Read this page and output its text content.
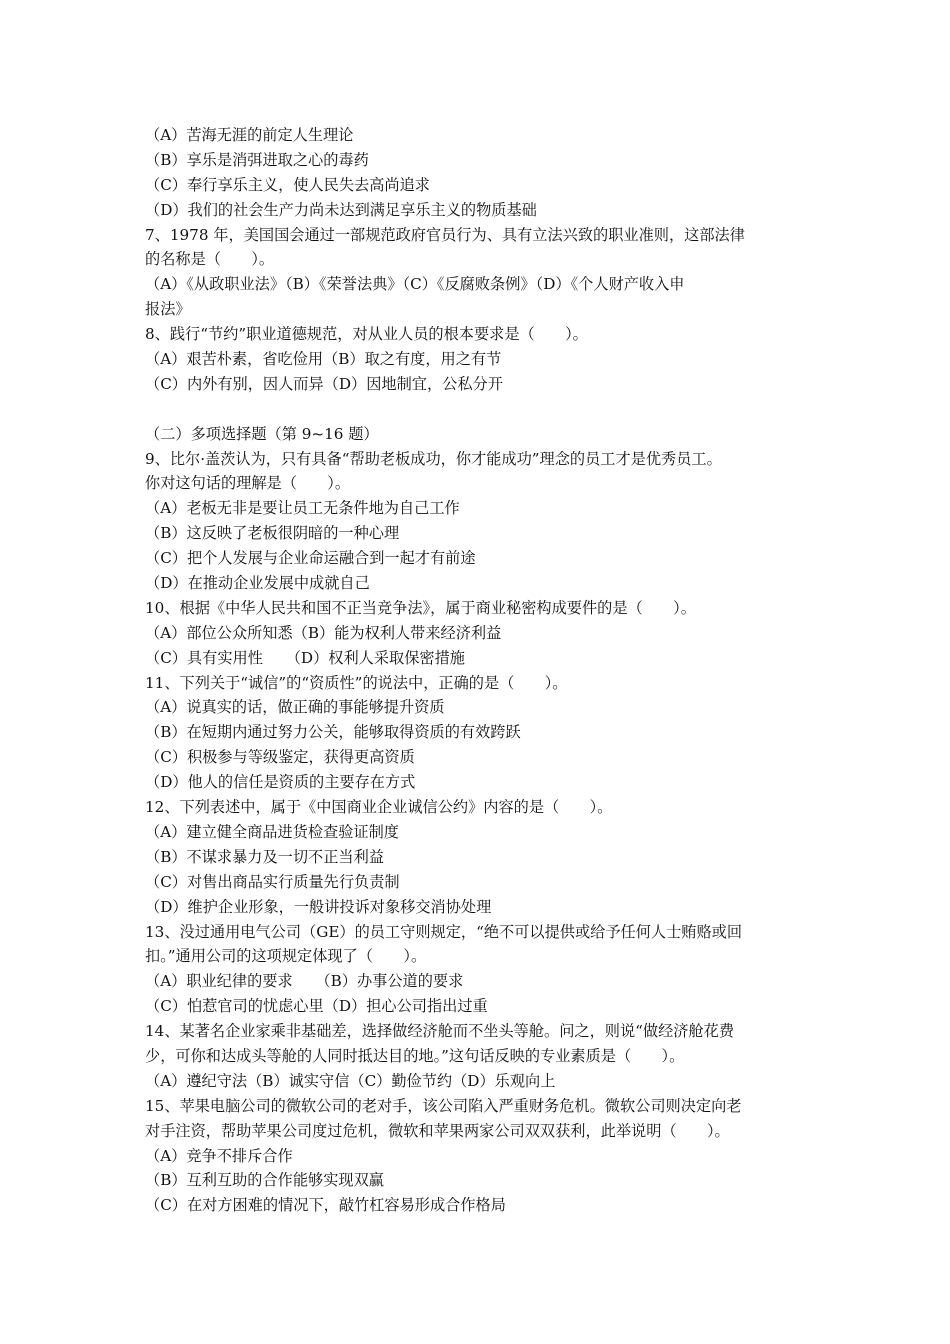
（A）苦海无涯的前定人生理论
（B）享乐是消弭进取之心的毒药
（C）奉行享乐主义，使人民失去高尚追求
（D）我们的社会生产力尚未达到满足享乐主义的物质基础
7、1978 年，美国国会通过一部规范政府官员行为、具有立法兴致的职业准则，这部法律
的名称是（　　）。
（A）《从政职业法》（B）《荣誉法典》（C）《反腐败条例》（D）《个人财产收入申
报法》
8、践行“节约”职业道德规范，对从业人员的根本要求是（　　）。
（A）艰苦朴素，省吃俭用（B）取之有度，用之有节
（C）内外有别，因人而异（D）因地制宜，公私分开
（二）多项选择题（第 9~16 题）
9、比尔·盖茨认为，只有具备“帮助老板成功，你才能成功”理念的员工才是优秀员工。
你对这句话的理解是（　　）。
（A）老板无非是要让员工无条件地为自己工作
（B）这反映了老板很阴暗的一种心理
（C）把个人发展与企业命运融合到一起才有前途
（D）在推动企业发展中成就自己
10、根据《中华人民共和国不正当竞争法》，属于商业秘密构成要件的是（　　）。
（A）部位公众所知悉（B）能为权利人带来经济利益
（C）具有实用性　　（D）权利人采取保密措施
11、下列关于“诚信”的“资质性”的说法中，正确的是（　　）。
（A）说真实的话，做正确的事能够提升资质
（B）在短期内通过努力公关，能够取得资质的有效跨跃
（C）积极参与等级鉴定，获得更高资质
（D）他人的信任是资质的主要存在方式
12、下列表述中，属于《中国商业企业诚信公约》内容的是（　　）。
（A）建立健全商品进货检查验证制度
（B）不谋求暴力及一切不正当利益
（C）对售出商品实行质量先行负责制
（D）维护企业形象，一般讲投诉对象移交消协处理
13、没过通用电气公司（GE）的员工守则规定，“绝不可以提供或给予任何人士贿赂或回
扣。”通用公司的这项规定体现了（　　）。
（A）职业纪律的要求　　（B）办事公道的要求
（C）怕惹官司的忧虑心里（D）担心公司指出过重
14、某著名企业家乘非基础差，选择做经济舱而不坐头等舱。问之，则说“做经济舱花费
少，可你和达成头等舱的人同时抵达目的地。”这句话反映的专业素质是（　　）。
（A）遵纪守法（B）诚实守信（C）勤俭节约（D）乐观向上
15、苹果电脑公司的微软公司的老对手，该公司陷入严重财务危机。微软公司则决定向老
对手注资，帮助苹果公司度过危机，微软和苹果两家公司双双获利，此举说明（　　）。
（A）竞争不排斥合作
（B）互利互助的合作能够实现双赢
（C）在对方困难的情况下，敲竹杠容易形成合作格局
